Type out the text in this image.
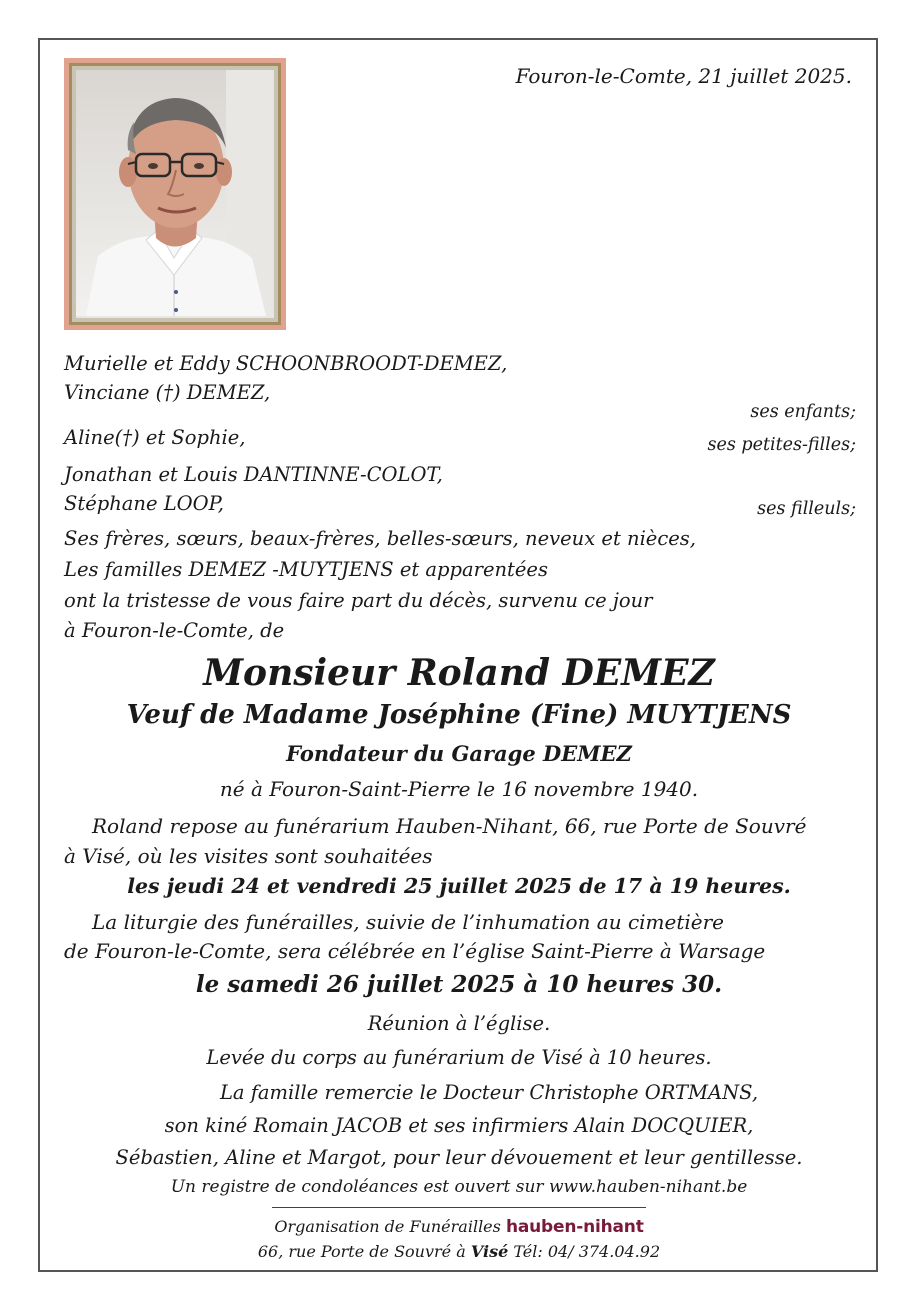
Fouron-le-Comte, 21 juillet 2025.
Murielle et Eddy SCHOONBROODT-DEMEZ,
Vinciane (†) DEMEZ,
ses enfants;
Aline(†) et Sophie,	ses petites-filles;
Jonathan et Louis DANTINNE-COLOT,
Stéphane LOOP,	ses filleuls;
Ses frères, sœurs, beaux-frères, belles-sœurs, neveux et nièces,
Les familles DEMEZ -MUYTJENS et apparentées
ont la tristesse de vous faire part du décès, survenu ce jour
à Fouron-le-Comte, de
Monsieur Roland DEMEZ
Veuf de Madame Joséphine (Fine) MUYTJENS
Fondateur du Garage DEMEZ
né à Fouron-Saint-Pierre le 16 novembre 1940.
Roland repose au funérarium Hauben-Nihant, 66, rue Porte de Souvré
à Visé, où les visites sont souhaitées
les jeudi 24 et vendredi 25 juillet 2025 de 17 à 19 heures.
La liturgie des funérailles, suivie de l’inhumation au cimetière
de Fouron-le-Comte, sera célébrée en l’église Saint-Pierre à Warsage
le samedi 26 juillet 2025 à 10 heures 30.
Réunion à l’église.
Levée du corps au funérarium de Visé à 10 heures.
La famille remercie le Docteur Christophe ORTMANS,
son kiné Romain JACOB et ses infirmiers Alain DOCQUIER,
Sébastien, Aline et Margot, pour leur dévouement et leur gentillesse.
Un registre de condoléances est ouvert sur www.hauben-nihant.be
Organisation de Funérailles hauben-nihant
66, rue Porte de Souvré à Visé Tél: 04/ 374.04.92
